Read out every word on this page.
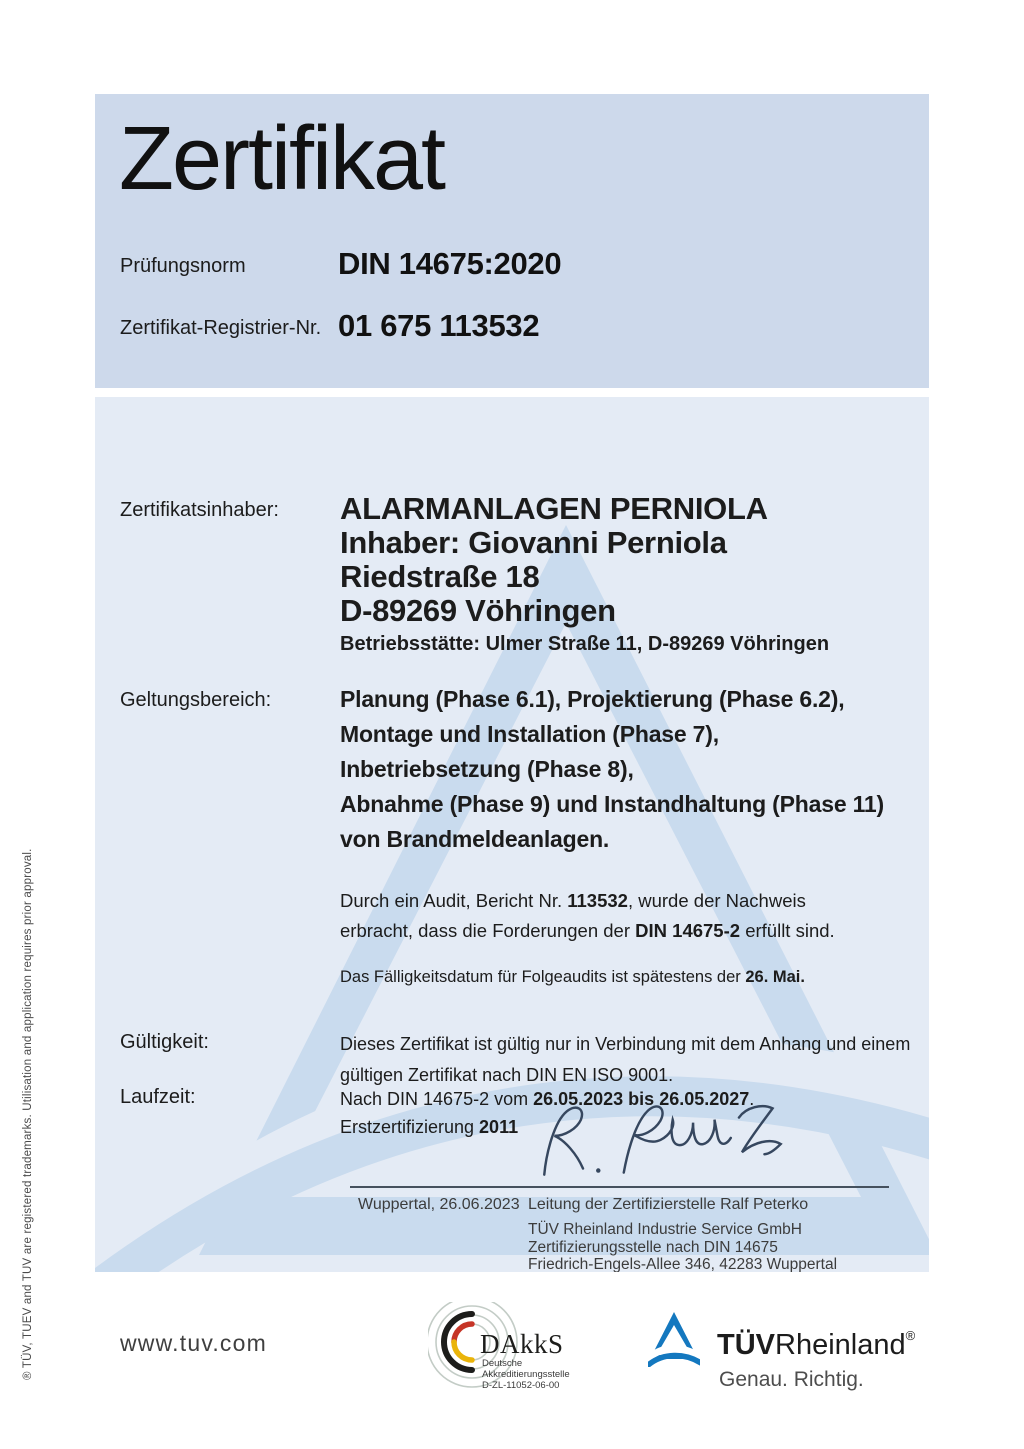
® TÜV, TUEV and TUV are registered trademarks. Utilisation and application requires prior approval.
Zertifikat
Prüfungsnorm	DIN 14675:2020
Zertifikat-Registrier-Nr. 01 675 113532
Zertifikatsinhaber: ALARMANLAGEN PERNIOLA
Inhaber: Giovanni Perniola
Riedstraße 18
D-89269 Vöhringen
Betriebsstätte: Ulmer Straße 11, D-89269 Vöhringen
Geltungsbereich:	Planung (Phase 6.1), Projektierung (Phase 6.2),
Montage und Installation (Phase 7),
Inbetriebsetzung (Phase 8),
Abnahme (Phase 9) und Instandhaltung (Phase 11)
von Brandmeldeanlagen.
Durch ein Audit, Bericht Nr. 113532, wurde der Nachweis
erbracht, dass die Forderungen der DIN 14675-2 erfüllt sind.
Das Fälligkeitsdatum für Folgeaudits ist spätestens der 26. Mai.
Gültigkeit:	Dieses Zertifikat ist gültig nur in Verbindung mit dem Anhang und einem
gültigen Zertifikat nach DIN EN ISO 9001.
Laufzeit:	Nach DIN 14675-2 vom 26.05.2023 bis 26.05.2027.
Erstzertifizierung 2011
Wuppertal, 26.06.2023 Leitung der Zertifizierstelle Ralf Peterko
TÜV Rheinland Industrie Service GmbH
Zertifizierungsstelle nach DIN 14675
Friedrich-Engels-Allee 346, 42283 Wuppertal
www.tuv.com	DAkkS
Deutsche
Akkreditierungsstelle
D-ZL-11052-06-00
TÜVRheinland®
Genau. Richtig.
